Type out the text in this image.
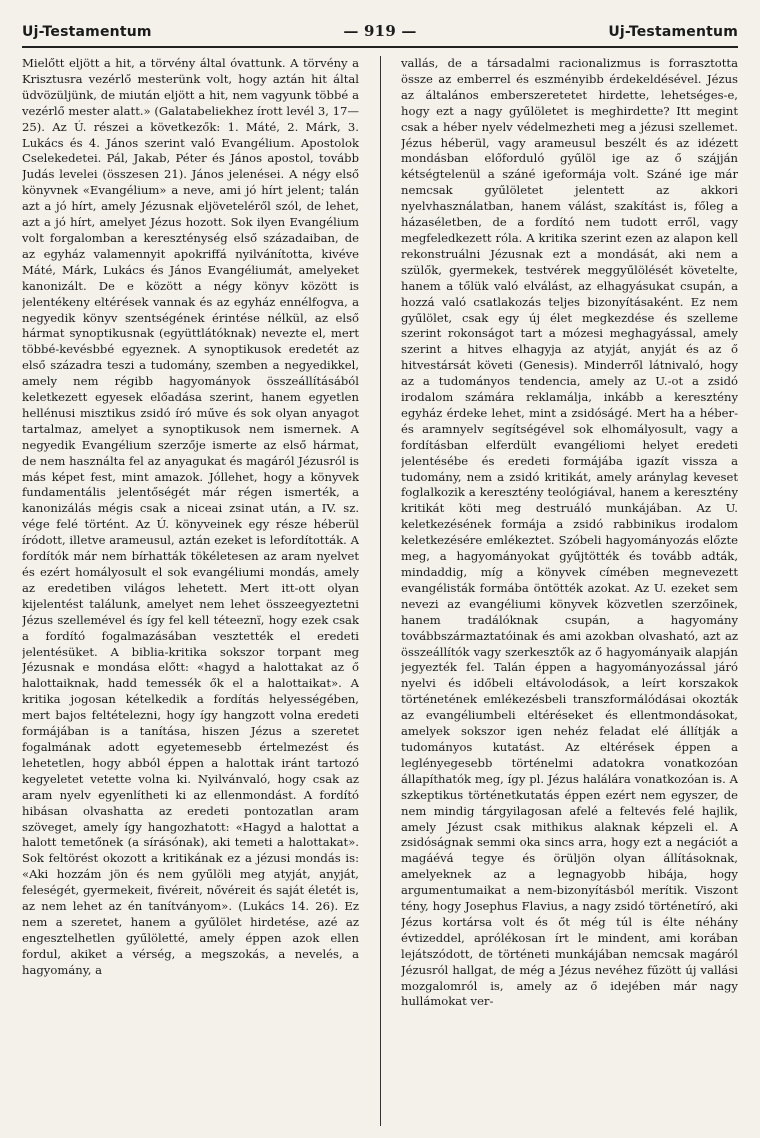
Uj-Testamentum	— 919 —	Uj-Testamentum

Mielőtt eljött a hit, a törvény által óvattunk. A törvény a Krisztusra vezérlő mesterünk volt, hogy aztán hit által üdvözüljünk, de miután eljött a hit, nem vagyunk többé a vezérlő mester alatt.» (Galatabeliekhez írott levél 3, 17—25). Az Ú. részei a következők: 1. Máté, 2. Márk, 3. Lukács és 4. János szerint való Evangélium. Apostolok Cselekedetei. Pál, Jakab, Péter és János apostol, tovább Judás levelei (összesen 21). János jelenései. A négy első könyvnek «Evangélium» a neve, ami jó hírt jelent; talán azt a jó hírt, amely Jézusnak eljöveteléről szól, de lehet, azt a jó hírt, amelyet Jézus hozott. Sok ilyen Evangélium volt forgalomban a kereszténység első századaiban, de az egyház valamennyit apokriffá nyilvánította, kivéve Máté, Márk, Lukács és János Evangéliumát, amelyeket kanonizált. De e között a négy könyv között is jelentékeny eltérések vannak és az egyház ennélfogva, a negyedik könyv szentségének érintése nélkül, az első hármat synoptikusnak (együttlátóknak) nevezte el, mert többé-kevésbbé egyeznek. A synoptikusok eredetét az első századra teszi a tudomány, szemben a negyedikkel, amely nem régibb hagyományok összeállításából keletkezett egyesek előadása szerint, hanem egyetlen hellénusi misztikus zsidó író műve és sok olyan anyagot tartalmaz, amelyet a synoptikusok nem ismernek. A negyedik Evangélium szerzője ismerte az első hármat, de nem használta fel az anyagukat és magáról Jézusról is más képet fest, mint amazok. Jóllehet, hogy a könyvek fundamentális jelentőségét már régen ismerték, a kanonizálás mégis csak a niceai zsinat után, a IV. sz. vége felé történt. Az Ú. könyveinek egy része héberül íródott, illetve arameusul, aztán ezeket is lefordították. A fordítók már nem bírhatták tökéletesen az aram nyelvet és ezért homályosult el sok evangéliumi mondás, amely az eredetiben világos lehetett. Mert itt-ott olyan kijelentést találunk, amelyet nem lehet összeegyeztetni Jézus szellemével és így fel kell téteeznï, hogy ezek csak a fordító fogalmazásában vesztették el eredeti jelentésüket. A biblia-kritika sokszor torpant meg Jézusnak e mondása előtt: «hagyd a halottakat az ő halottaiknak, hadd temessék ők el a halottaikat». A kritika jogosan kételkedik a fordítás helyességében, mert bajos feltételezni, hogy így hangzott volna eredeti formájában is a tanítása, hiszen Jézus a szeretet fogalmának adott egyetemesebb értelmezést és lehetetlen, hogy abból éppen a halottak iránt tartozó kegyeletet vetette volna ki. Nyilvánvaló, hogy csak az aram nyelv egyenlítheti ki az ellenmondást. A fordító hibásan olvashatta az eredeti pontozatlan aram szöveget, amely így hangozhatott: «Hagyd a halottat a halott temetőnek (a sírásónak), aki temeti a halottakat». Sok feltörést okozott a kritikának ez a jézusi mondás is: «Aki hozzám jön és nem gyűlöli meg atyját, anyját, feleségét, gyermekeit, fivéreit, nővéreit és saját életét is, az nem lehet az én tanítványom». (Lukács 14. 26). Ez nem a szeretet, hanem a gyűlölet hirdetése, azé az engesztelhetlen gyűlöletté, amely éppen azok ellen fordul, akiket a vérség, a megszokás, a nevelés, a hagyomány, a

vallás, de a társadalmi racionalizmus is forrasztotta össze az emberrel és eszményibb érdekeldésével. Jézus az általános emberszeretetet hirdette, lehetséges-e, hogy ezt a nagy gyűlöletet is meghirdette? Itt megint csak a héber nyelv védelmezheti meg a jézusi szellemet. Jézus héberül, vagy arameusul beszélt és az idézett mondásban előforduló gyűlöl ige az ő szájján kétségtelenül a száné igeformája volt. Száné ige már nemcsak gyűlöletet jelentett az akkori nyelvhasználatban, hanem válást, szakítást is, főleg a házaséletben, de a fordító nem tudott erről, vagy megfeledkezett róla. A kritika szerint ezen az alapon kell rekonstruálni Jézusnak ezt a mondását, aki nem a szülők, gyermekek, testvérek meggyűlölését követelte, hanem a tőlük való elválást, az elhagyásukat csupán, a hozzá való csatlakozás teljes bizonyításaként. Ez nem gyűlölet, csak egy új élet megkezdése és szelleme szerint rokonságot tart a mózesi meghagyással, amely szerint a hitves elhagyja az atyját, anyját és az ő hitvestársát követi (Genesis). Minderről látnivaló, hogy az a tudományos tendencia, amely az U.-ot a zsidó irodalom számára reklamálja, inkább a keresztény egyház érdeke lehet, mint a zsidóságé. Mert ha a héber- és aramnyelv segítségével sok elhomályosult, vagy a fordításban elferdült evangéliomi helyet eredeti jelentésébe és eredeti formájába igazít vissza a tudomány, nem a zsidó kritikát, amely aránylag keveset foglalkozik a keresztény teológiával, hanem a keresztény kritikát köti meg destruáló munkájában. Az U. keletkezésének formája a zsidó rabbinikus irodalom keletkezésére emlékeztet. Szóbeli hagyományozás előzte meg, a hagyományokat gyűjtötték és tovább adták, mindaddig, míg a könyvek címében megnevezett evangélisták formába öntötték azokat. Az U. ezeket sem nevezi az evangéliumi könyvek közvetlen szerzőinek, hanem tradálóknak csupán, a hagyomány továbbszármaztatóinak és ami azokban olvasható, azt az összeállítók vagy szerkesztők az ő hagyományaik alapján jegyezték fel. Talán éppen a hagyományozással járó nyelvi és időbeli eltávolodások, a leírt korszakok történetének emlékezésbeli transzformálódásai okozták az evangéliumbeli eltéréseket és ellentmondásokat, amelyek sokszor igen nehéz feladat elé állítják a tudományos kutatást. Az eltérések éppen a leglényegesebb történelmi adatokra vonatkozóan állapíthatók meg, így pl. Jézus halálára vonatkozóan is. A szkeptikus történetkutatás éppen ezért nem egyszer, de nem mindig tárgyilagosan afelé a feltevés felé hajlik, amely Jézust csak mithikus alaknak képzeli el. A zsidóságnak semmi oka sincs arra, hogy ezt a negációt a magáévá tegye és örüljön olyan állításoknak, amelyeknek az a legnagyobb hibája, hogy argumentumaikat a nem-bizonyításból merítik. Viszont tény, hogy Josephus Flavius, a nagy zsidó történetíró, aki Jézus kortársa volt és őt még túl is élte néhány évtizeddel, aprólékosan írt le mindent, ami korában lejátszódott, de történeti munkájában nemcsak magáról Jézusról hallgat, de még a Jézus nevéhez fűzött új vallási mozgalomról is, amely az ő idejében már nagy hullámokat ver-
